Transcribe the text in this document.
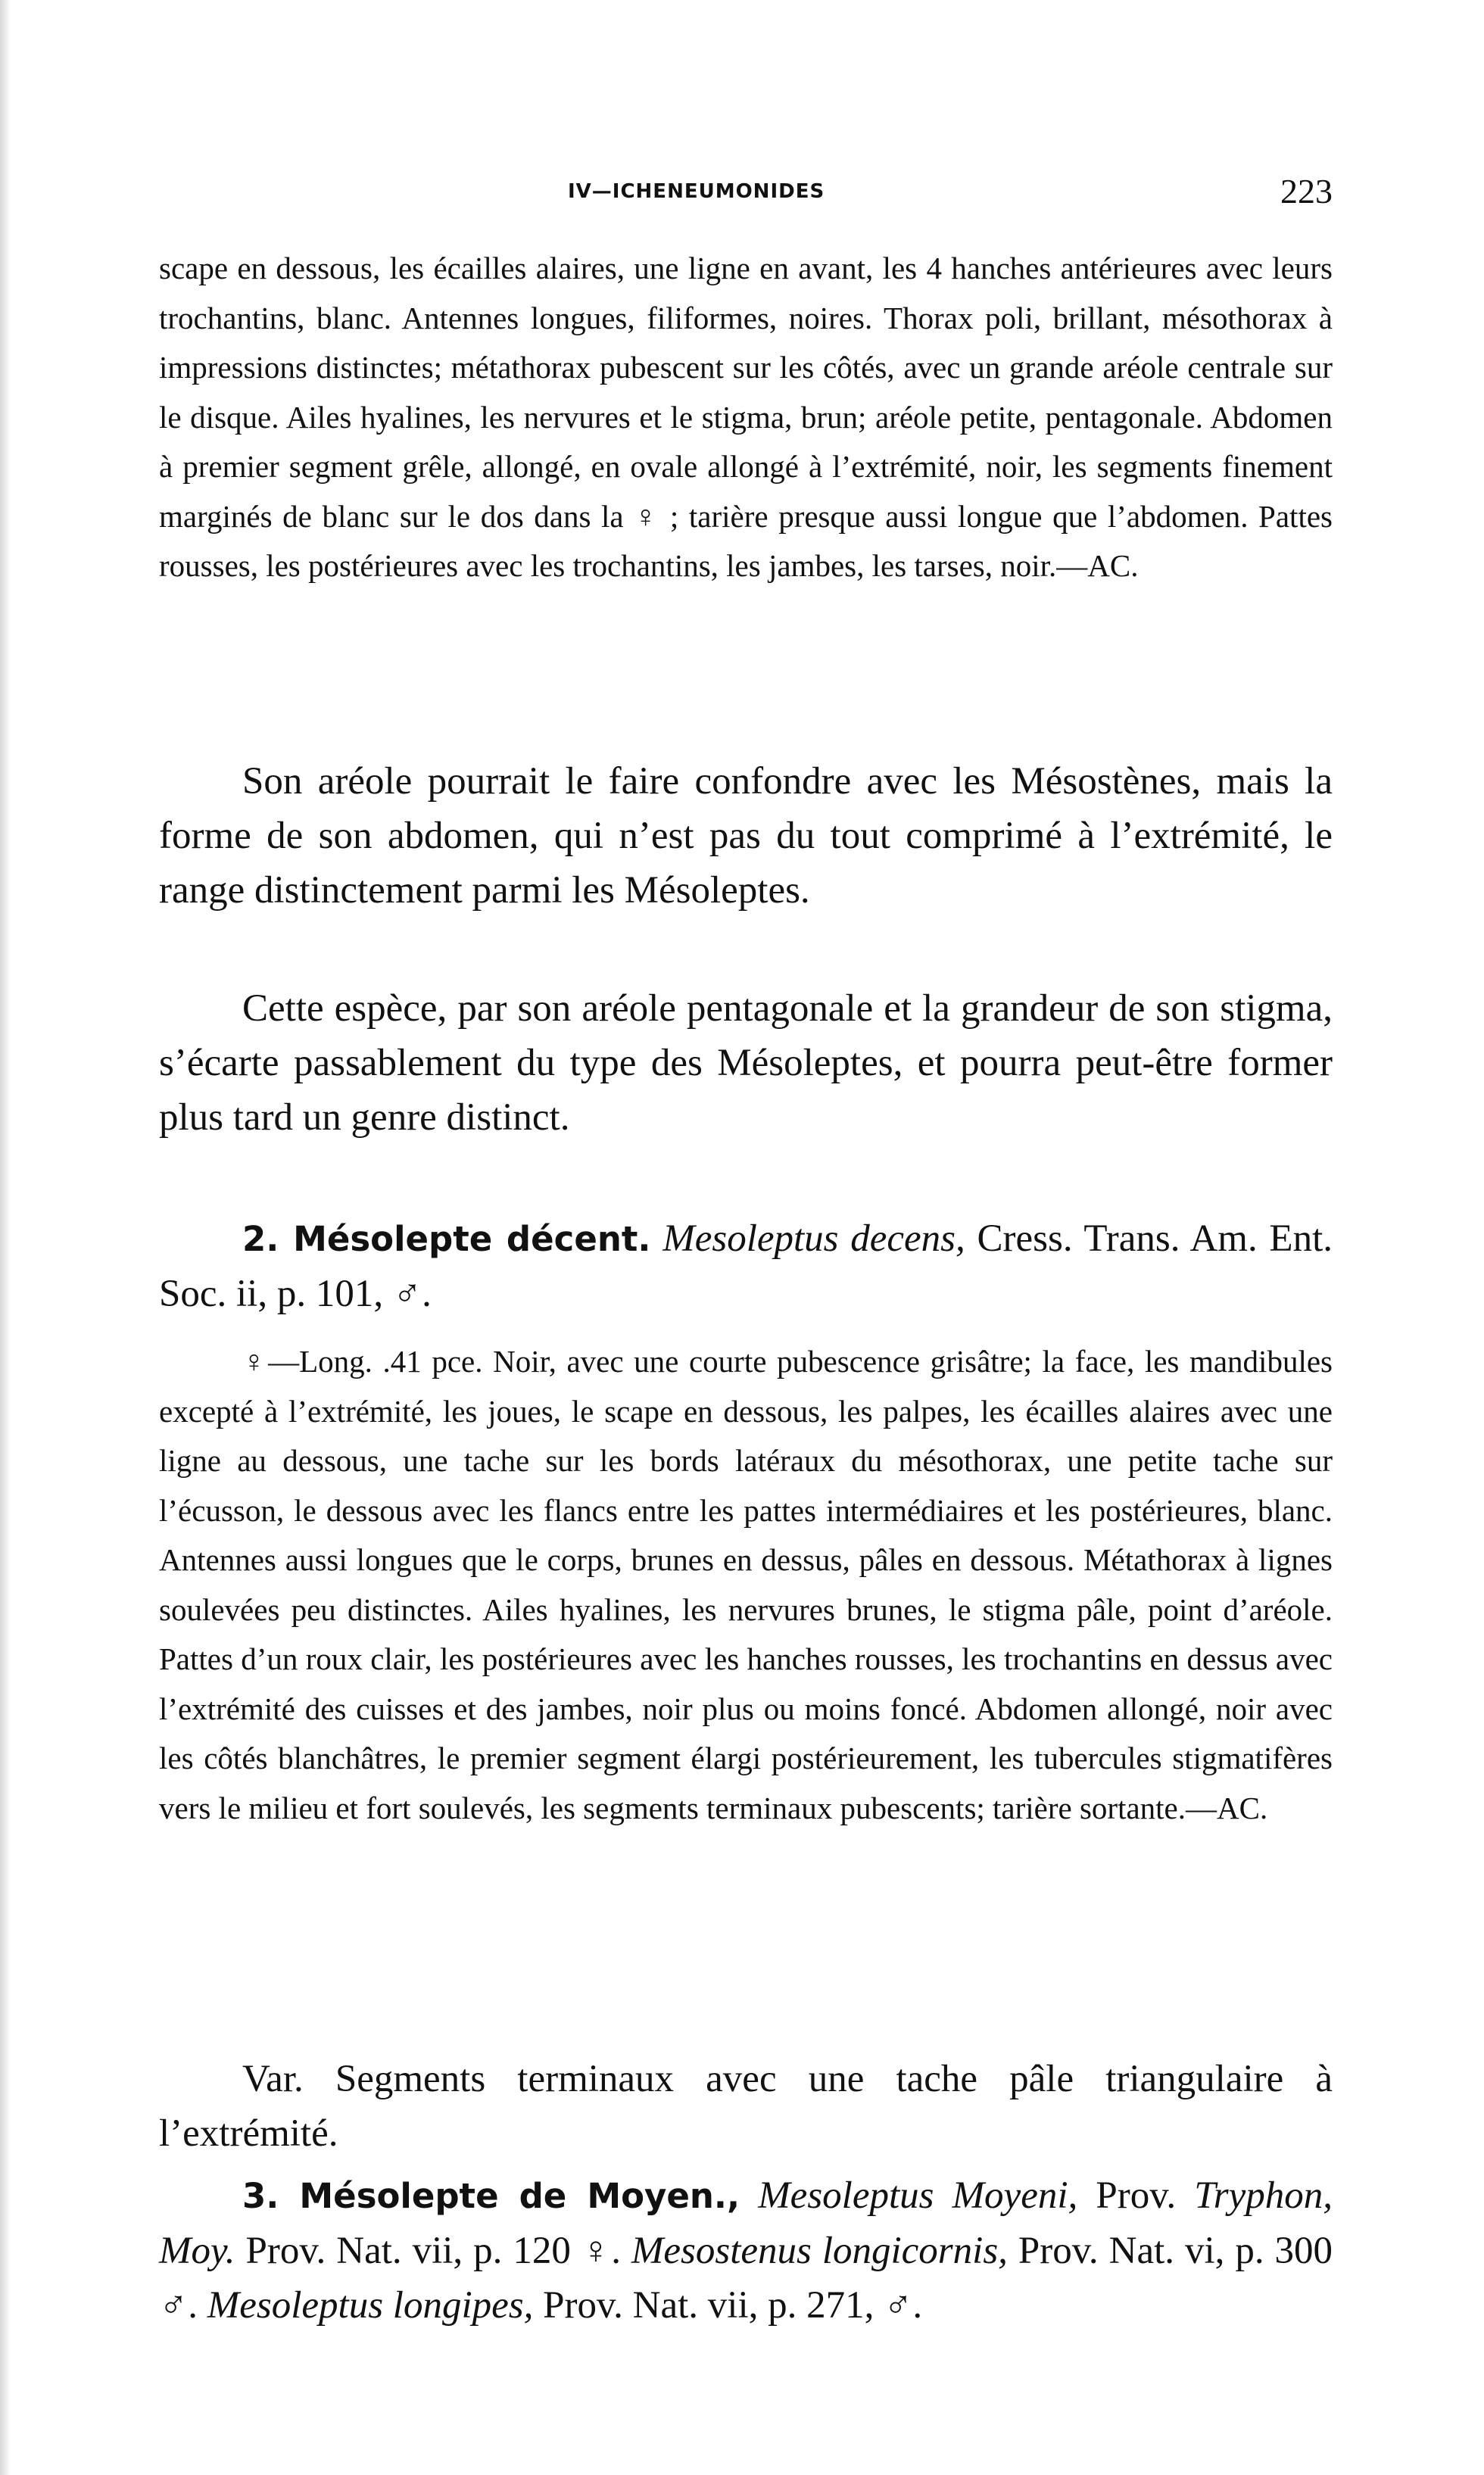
IV—ICHENEUMONIDES	223
scape en dessous, les écailles alaires, une ligne en avant, les 4 hanches antérieures avec leurs trochantins, blanc. Antennes longues, filiformes, noires. Thorax poli, brillant, mésothorax à impressions distinctes; métathorax pubescent sur les côtés, avec un grande aréole centrale sur le disque. Ailes hyalines, les nervures et le stigma, brun; aréole petite, pentagonale. Abdomen à premier segment grêle, allongé, en ovale allongé à l’extrémité, noir, les segments finement marginés de blanc sur le dos dans la ♀ ; tarière presque aussi longue que l’abdomen. Pattes rousses, les postérieures avec les trochantins, les jambes, les tarses, noir.—AC.
Son aréole pourrait le faire confondre avec les Mésostènes, mais la forme de son abdomen, qui n’est pas du tout comprimé à l’extrémité, le range distinctement parmi les Mésoleptes.
Cette espèce, par son aréole pentagonale et la grandeur de son stigma, s’écarte passablement du type des Mésoleptes, et pourra peut-être former plus tard un genre distinct.
2. Mésolepte décent. Mesoleptus decens, Cress. Trans. Am. Ent. Soc. ii, p. 101, ♂.
♀—Long. .41 pce. Noir, avec une courte pubescence grisâtre; la face, les mandibules excepté à l’extrémité, les joues, le scape en dessous, les palpes, les écailles alaires avec une ligne au dessous, une tache sur les bords latéraux du mésothorax, une petite tache sur l’écusson, le dessous avec les flancs entre les pattes intermédiaires et les postérieures, blanc. Antennes aussi longues que le corps, brunes en dessus, pâles en dessous. Métathorax à lignes soulevées peu distinctes. Ailes hyalines, les nervures brunes, le stigma pâle, point d’aréole. Pattes d’un roux clair, les postérieures avec les hanches rousses, les trochantins en dessus avec l’extrémité des cuisses et des jambes, noir plus ou moins foncé. Abdomen allongé, noir avec les côtés blanchâtres, le premier segment élargi postérieurement, les tubercules stigmatifères vers le milieu et fort soulevés, les segments terminaux pubescents; tarière sortante.—AC.
Var. Segments terminaux avec une tache pâle triangulaire à l’extrémité.
3. Mésolepte de Moyen., Mesoleptus Moyeni, Prov. Tryphon, Moy. Prov. Nat. vii, p. 120 ♀. Mesostenus longicornis, Prov. Nat. vi, p. 300 ♂. Mesoleptus longipes, Prov. Nat. vii, p. 271, ♂.
